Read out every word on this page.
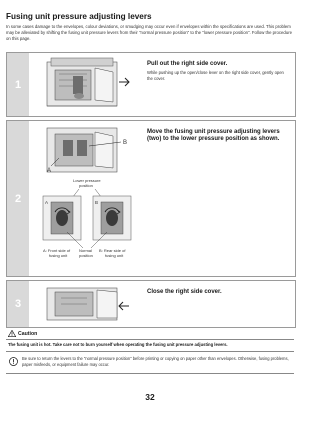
Fusing unit pressure adjusting levers
In some cases damage to the envelopes, colour deviations, or smudging may occur even if envelopes within the specifications are used. This problem may be alleviated by shifting the fusing unit pressure levers from their "normal pressure position" to the "lower pressure position". Follow the procedure on this page.
1
Pull out the right side cover.
While pushing up the open/close lever on the right side cover, gently open the cover.
2
A
B
Lower pressure
position
A	B
Normal
position
A: Front side of
fusing unit
B: Rear side of
fusing unit
Move the fusing unit pressure adjusting levers (two) to the lower pressure position as shown.
3
Close the right side cover.
Caution
The fusing unit is hot. Take care not to burn yourself when operating the fusing unit pressure adjusting levers.
Be sure to return the levers to the "normal pressure position" before printing or copying on paper other than envelopes. Otherwise, fusing problems, paper misfeeds, or equipment failure may occur.
32
